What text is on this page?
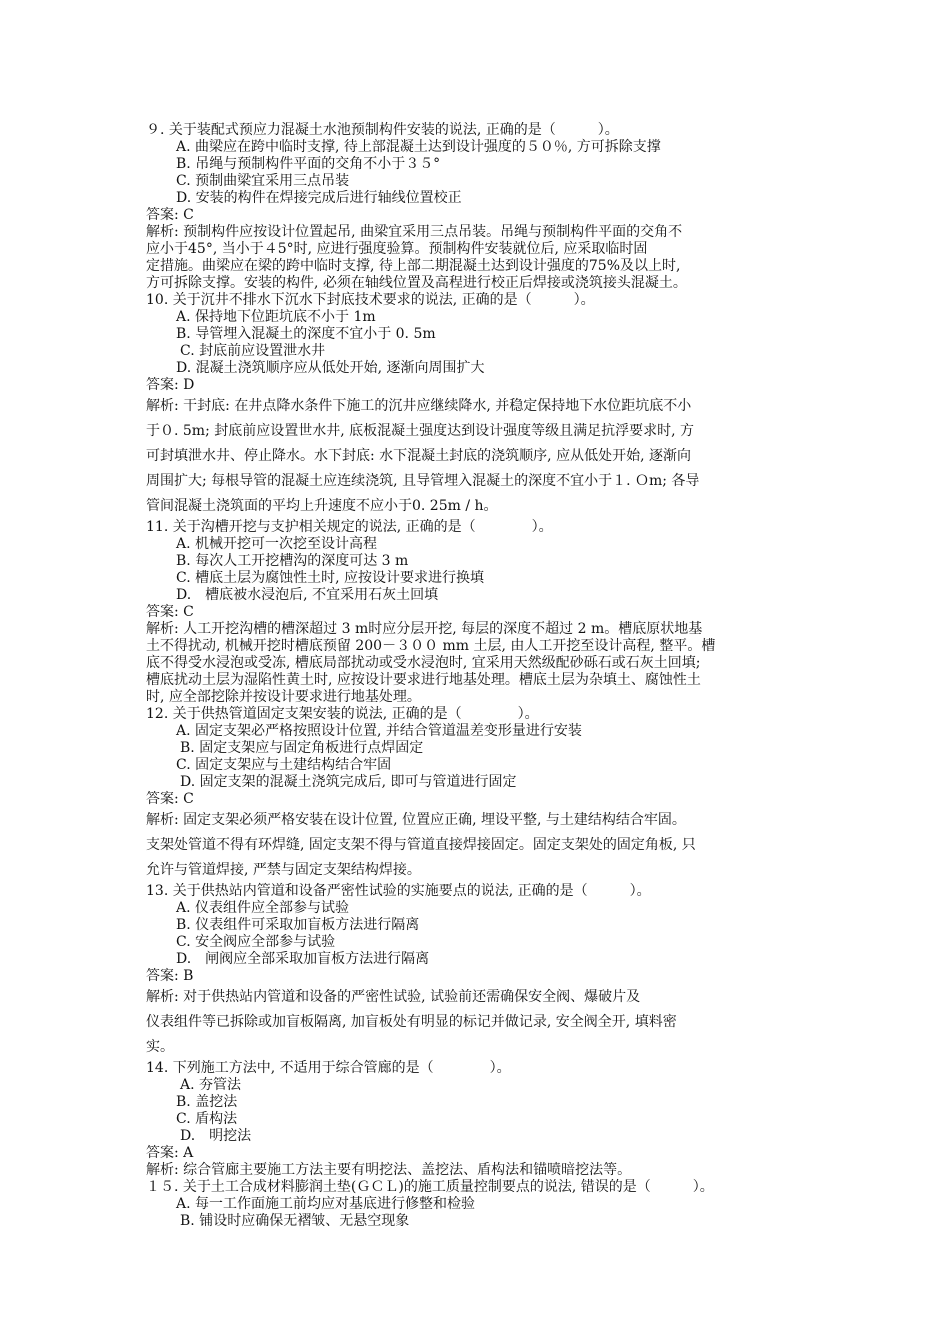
９. 关于装配式预应力混凝土水池预制构件安装的说法, 正确的是（　　　）。
A. 曲梁应在跨中临时支撑, 待上部混凝土达到设计强度的５０％, 方可拆除支撑
B. 吊绳与预制构件平面的交角不小于３５°
C. 预制曲梁宜采用三点吊装
D. 安装的构件在焊接完成后进行轴线位置校正
答案: C
解析: 预制构件应按设计位置起吊, 曲梁宜采用三点吊装。吊绳与预制构件平面的交角不
应小于45°, 当小于４5°时, 应进行强度验算。预制构件安装就位后, 应采取临时固
定措施。曲梁应在梁的跨中临时支撑, 待上部二期混凝土达到设计强度的75%及以上时,
方可拆除支撑。安装的构件, 必须在轴线位置及高程进行校正后焊接或浇筑接头混凝土。
10. 关于沉井不排水下沉水下封底技术要求的说法, 正确的是（　　　）。
A. 保持地下位距坑底不小于 1m
B. 导管埋入混凝土的深度不宜小于 0. 5m
C. 封底前应设置泄水井
D. 混凝土浇筑顺序应从低处开始, 逐渐向周围扩大
答案: D
解析: 干封底: 在井点降水条件下施工的沉井应继续降水, 并稳定保持地下水位距坑底不小
于０. 5m; 封底前应设置世水井, 底板混凝土强度达到设计强度等级且满足抗浮要求时, 方
可封填泄水井、停止降水。水下封底: 水下混凝土封底的浇筑顺序, 应从低处开始, 逐渐向
周围扩大; 每根导管的混凝土应连续浇筑, 且导管埋入混凝土的深度不宜小于１. Ｏm; 各导
管间混凝土浇筑面的平均上升速度不应小于0. 25m / h。
11. 关于沟槽开挖与支护相关规定的说法, 正确的是（　　　　）。
A. 机械开挖可一次挖至设计高程
B. 每次人工开挖槽沟的深度可达 3 m
C. 槽底土层为腐蚀性土时, 应按设计要求进行换填
D.　槽底被水浸泡后, 不宜采用石灰土回填
答案: C
解析: 人工开挖沟槽的槽深超过 3 m时应分层开挖, 每层的深度不超过 2 m。槽底原状地基
土不得扰动, 机械开挖时槽底预留 200－３００ mm 土层, 由人工开挖至设计高程, 整平。槽
底不得受水浸泡或受冻, 槽底局部扰动或受水浸泡时, 宜采用天然级配砂砾石或石灰土回填;
槽底扰动土层为湿陷性黄土时, 应按设计要求进行地基处理。槽底土层为杂填土、腐蚀性土
时, 应全部挖除并按设计要求进行地基处理。
12. 关于供热管道固定支架安装的说法, 正确的是（　　　　）。
A. 固定支架必严格按照设计位置, 并结合管道温差变形量进行安装
B. 固定支架应与固定角板进行点焊固定
C. 固定支架应与土建结构结合牢固
D. 固定支架的混凝土浇筑完成后, 即可与管道进行固定
答案: C
解析: 固定支架必须严格安装在设计位置, 位置应正确, 埋设平整, 与土建结构结合牢固。
支架处管道不得有环焊缝, 固定支架不得与管道直接焊接固定。固定支架处的固定角板, 只
允许与管道焊接, 严禁与固定支架结构焊接。
13. 关于供热站内管道和设备严密性试验的实施要点的说法, 正确的是（　　　）。
A. 仪表组件应全部参与试验
B. 仪表组件可采取加盲板方法进行隔离
C. 安全阀应全部参与试验
D.　闸阀应全部采取加盲板方法进行隔离
答案: B
解析: 对于供热站内管道和设备的严密性试验, 试验前还需确保安全阀、爆破片及
仪表组件等已拆除或加盲板隔离, 加盲板处有明显的标记并做记录, 安全阀全开, 填料密
实。
14. 下列施工方法中, 不适用于综合管廊的是（　　　　）。
A. 夯管法
B. 盖挖法
C. 盾构法
D.　明挖法
答案: A
解析: 综合管廊主要施工方法主要有明挖法、盖挖法、盾构法和锚喷暗挖法等。
１５. 关于土工合成材料膨润土垫(ＧＣＬ)的施工质量控制要点的说法, 错误的是（　　　）。
A. 每一工作面施工前均应对基底进行修整和检验
B. 铺设时应确保无褶皱、无悬空现象
